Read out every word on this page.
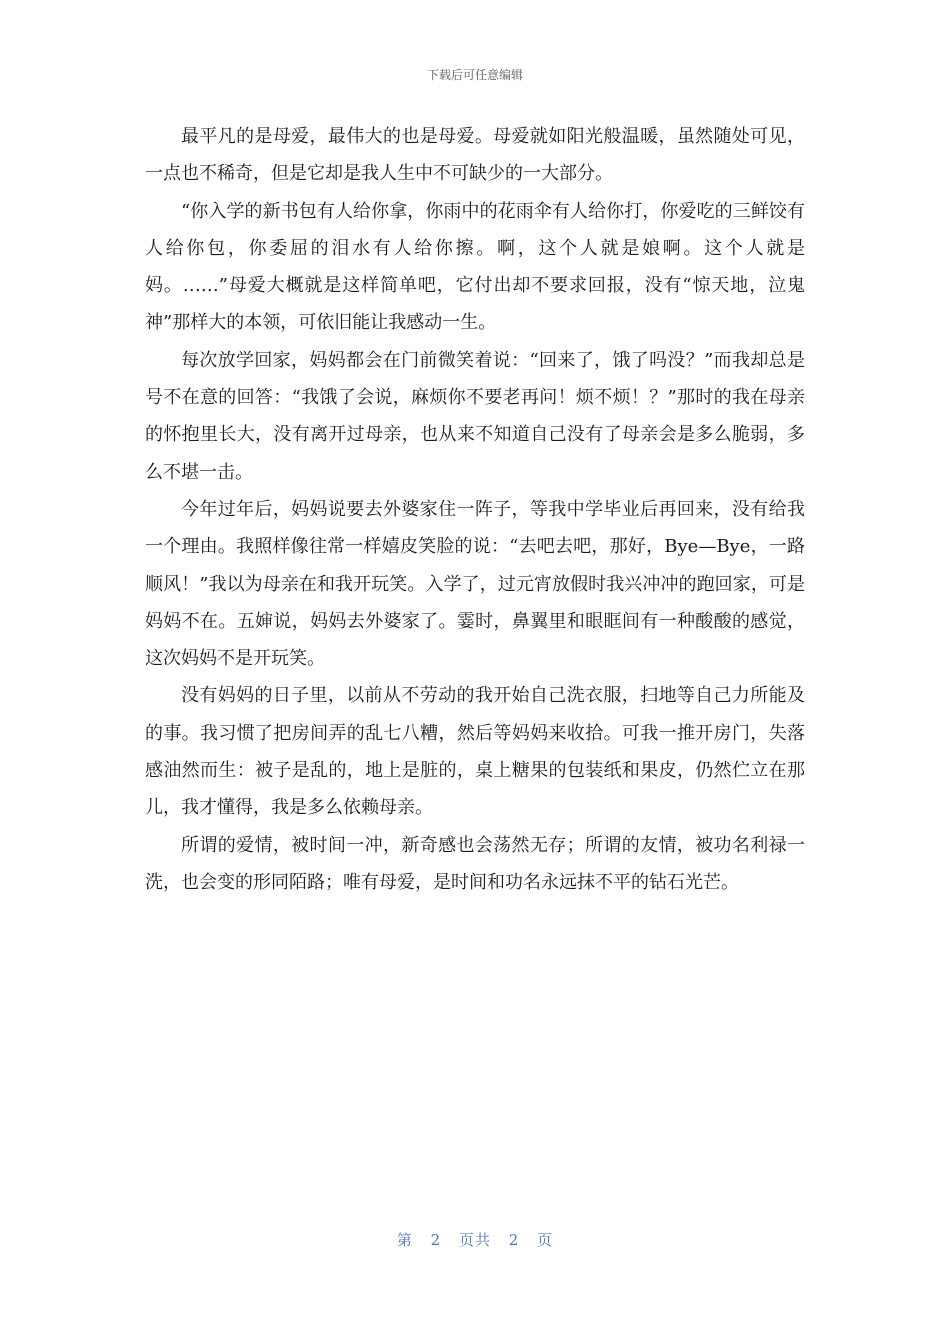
下载后可任意编辑

最平凡的是母爱，最伟大的也是母爱。母爱就如阳光般温暖，虽然随处可见，一点也不稀奇，但是它却是我人生中不可缺少的一大部分。

“你入学的新书包有人给你拿，你雨中的花雨伞有人给你打，你爱吃的三鲜饺有人给你包，你委屈的泪水有人给你擦。啊，这个人就是娘啊。这个人就是妈。……”母爱大概就是这样简单吧，它付出却不要求回报，没有“惊天地，泣鬼神”那样大的本领，可依旧能让我感动一生。

每次放学回家，妈妈都会在门前微笑着说：“回来了，饿了吗没？”而我却总是号不在意的回答：“我饿了会说，麻烦你不要老再问！烦不烦！？”那时的我在母亲的怀抱里长大，没有离开过母亲，也从来不知道自己没有了母亲会是多么脆弱，多么不堪一击。

今年过年后，妈妈说要去外婆家住一阵子，等我中学毕业后再回来，没有给我一个理由。我照样像往常一样嬉皮笑脸的说：“去吧去吧，那好，Bye—Bye，一路顺风！”我以为母亲在和我开玩笑。入学了，过元宵放假时我兴冲冲的跑回家，可是妈妈不在。五婶说，妈妈去外婆家了。霎时，鼻翼里和眼眶间有一种酸酸的感觉，这次妈妈不是开玩笑。

没有妈妈的日子里，以前从不劳动的我开始自己洗衣服，扫地等自己力所能及的事。我习惯了把房间弄的乱七八糟，然后等妈妈来收拾。可我一推开房门，失落感油然而生：被子是乱的，地上是脏的，桌上糖果的包装纸和果皮，仍然伫立在那儿，我才懂得，我是多么依赖母亲。

所谓的爱情，被时间一冲，新奇感也会荡然无存；所谓的友情，被功名利禄一洗，也会变的形同陌路；唯有母爱，是时间和功名永远抹不平的钻石光芒。

第 2 页共 2 页
